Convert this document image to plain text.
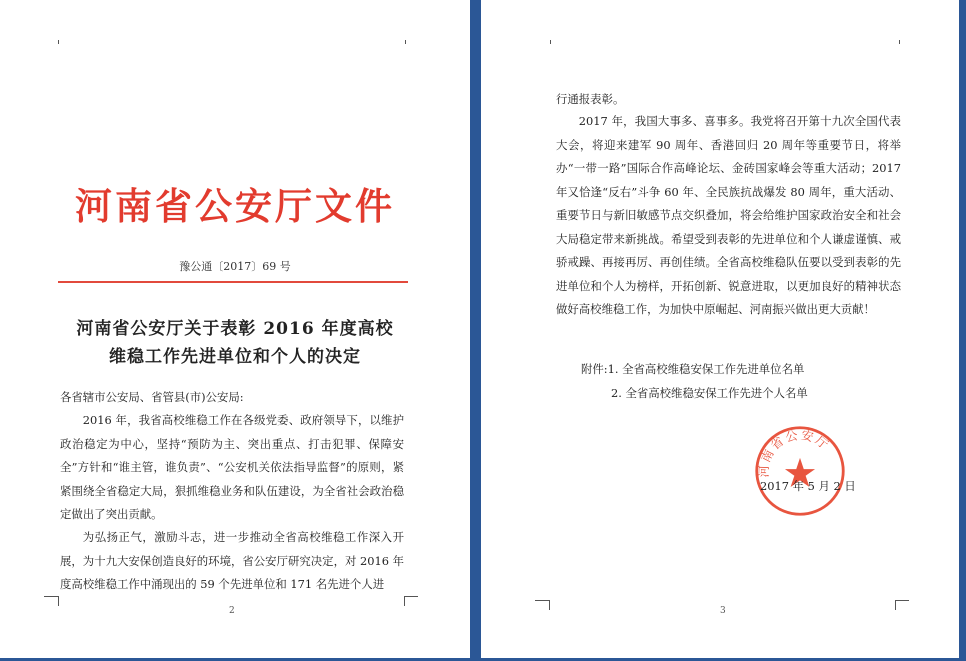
河南省公安厅文件
豫公通〔2017〕69 号
河南省公安厅关于表彰 2016 年度高校
维稳工作先进单位和个人的决定

各省辖市公安局、省管县(市)公安局:

2016 年，我省高校维稳工作在各级党委、政府领导下，以维护政治稳定为中心，坚持“预防为主、突出重点、打击犯罪、保障安全”方针和“谁主管，谁负责”、“公安机关依法指导监督”的原则，紧紧围绕全省稳定大局，狠抓维稳业务和队伍建设，为全省社会政治稳定做出了突出贡献。

为弘扬正气，激励斗志，进一步推动全省高校维稳工作深入开展，为十九大安保创造良好的环境，省公安厅研究决定，对 2016 年度高校维稳工作中涌现出的 59 个先进单位和 171 名先进个人进

2

行通报表彰。

2017 年，我国大事多、喜事多。我党将召开第十九次全国代表大会，将迎来建军 90 周年、香港回归 20 周年等重要节日，将举办“一带一路”国际合作高峰论坛、金砖国家峰会等重大活动；2017 年又恰逢“反右”斗争 60 年、全民族抗战爆发 80 周年，重大活动、重要节日与新旧敏感节点交织叠加，将会给维护国家政治安全和社会大局稳定带来新挑战。希望受到表彰的先进单位和个人谦虚谨慎、戒骄戒躁、再接再厉、再创佳绩。全省高校维稳队伍要以受到表彰的先进单位和个人为榜样，开拓创新、锐意进取，以更加良好的精神状态做好高校维稳工作，为加快中原崛起、河南振兴做出更大贡献！

附件:1. 全省高校维稳安保工作先进单位名单
2. 全省高校维稳安保工作先进个人名单
3
河南省公安厅
2017 年 5 月 2 日
